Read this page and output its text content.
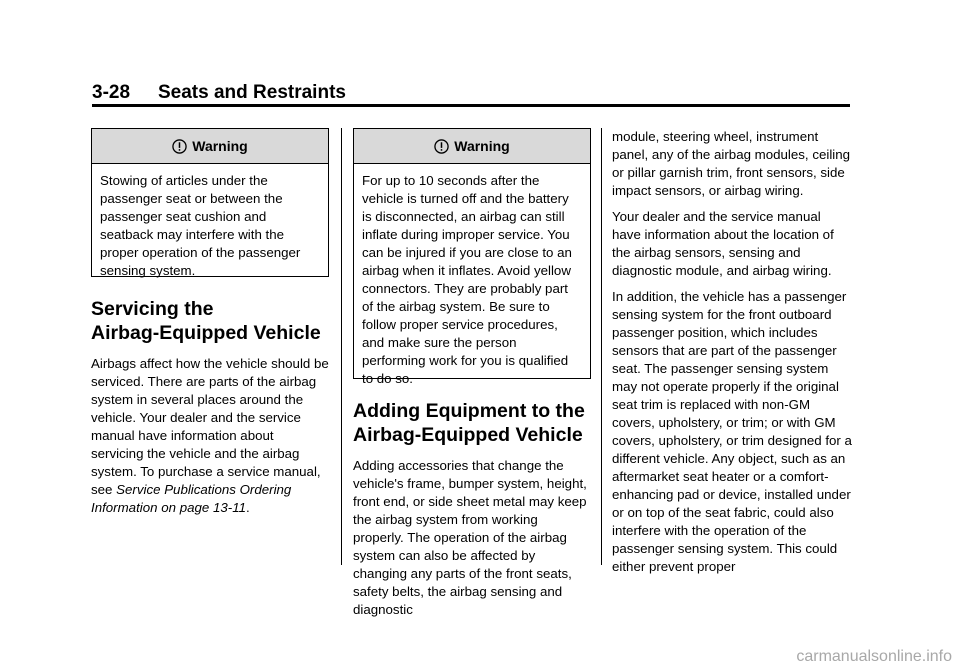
3-28 Seats and Restraints
Warning
Stowing of articles under the passenger seat or between the passenger seat cushion and seatback may interfere with the proper operation of the passenger sensing system.
Servicing the
Airbag-Equipped Vehicle

Airbags affect how the vehicle should be serviced. There are parts of the airbag system in several places around the vehicle. Your dealer and the service manual have information about servicing the vehicle and the airbag system. To purchase a service manual, see Service Publications Ordering Information on page 13-11.

Warning
For up to 10 seconds after the vehicle is turned off and the battery is disconnected, an airbag can still inflate during improper service. You can be injured if you are close to an airbag when it inflates. Avoid yellow connectors. They are probably part of the airbag system. Be sure to follow proper service procedures, and make sure the person performing work for you is qualified to do so.
Adding Equipment to the
Airbag-Equipped Vehicle

Adding accessories that change the vehicle's frame, bumper system, height, front end, or side sheet metal may keep the airbag system from working properly. The operation of the airbag system can also be affected by changing any parts of the front seats, safety belts, the airbag sensing and diagnostic

module, steering wheel, instrument panel, any of the airbag modules, ceiling or pillar garnish trim, front sensors, side impact sensors, or airbag wiring.

Your dealer and the service manual have information about the location of the airbag sensors, sensing and diagnostic module, and airbag wiring.

In addition, the vehicle has a passenger sensing system for the front outboard passenger position, which includes sensors that are part of the passenger seat. The passenger sensing system may not operate properly if the original seat trim is replaced with non-GM covers, upholstery, or trim; or with GM covers, upholstery, or trim designed for a different vehicle. Any object, such as an aftermarket seat heater or a comfort-enhancing pad or device, installed under or on top of the seat fabric, could also interfere with the operation of the passenger sensing system. This could either prevent proper

carmanualsonline.info
